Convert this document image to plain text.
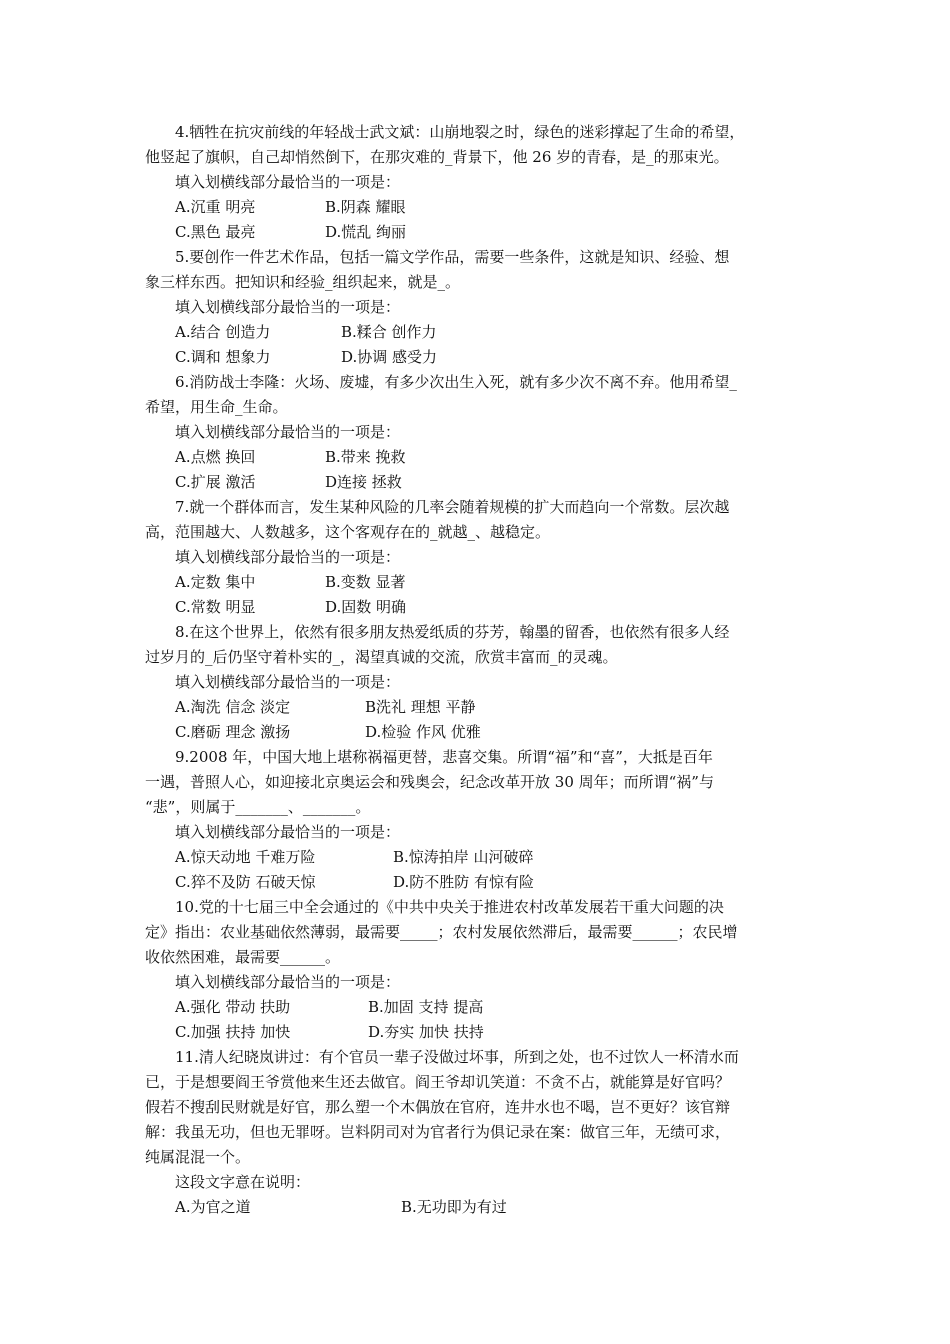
4.牺牲在抗灾前线的年轻战士武文斌：山崩地裂之时，绿色的迷彩撑起了生命的希望，
他竖起了旗帜，自己却悄然倒下，在那灾难的_背景下，他 26 岁的青春，是_的那束光。
填入划横线部分最恰当的一项是：
A.沉重 明亮	B.阴森 耀眼
C.黑色 最亮	D.慌乱 绚丽
5.要创作一件艺术作品，包括一篇文学作品，需要一些条件，这就是知识、经验、想
象三样东西。把知识和经验_组织起来，就是_。
填入划横线部分最恰当的一项是：
A.结合 创造力	B.糅合 创作力
C.调和 想象力	D.协调 感受力
6.消防战士李隆：火场、废墟，有多少次出生入死，就有多少次不离不弃。他用希望_
希望，用生命_生命。
填入划横线部分最恰当的一项是：
A.点燃 换回	B.带来 挽救
C.扩展 激活	D连接 拯救
7.就一个群体而言，发生某种风险的几率会随着规模的扩大而趋向一个常数。层次越
高，范围越大、人数越多，这个客观存在的_就越_、越稳定。
填入划横线部分最恰当的一项是：
A.定数 集中	B.变数 显著
C.常数 明显	D.固数 明确
8.在这个世界上，依然有很多朋友热爱纸质的芬芳，翰墨的留香，也依然有很多人经
过岁月的_后仍坚守着朴实的_，渴望真诚的交流，欣赏丰富而_的灵魂。
填入划横线部分最恰当的一项是：
A.淘洗 信念 淡定	B洗礼 理想 平静
C.磨砺 理念 激扬	D.检验 作风 优雅
9.2008 年，中国大地上堪称祸福更替，悲喜交集。所谓“福”和“喜”，大抵是百年
一遇，普照人心，如迎接北京奥运会和残奥会，纪念改革开放 30 周年；而所谓“祸”与
“悲”，则属于_______、_______。
填入划横线部分最恰当的一项是：
A.惊天动地 千难万险	B.惊涛拍岸 山河破碎
C.猝不及防 石破天惊	D.防不胜防 有惊有险
10.党的十七届三中全会通过的《中共中央关于推进农村改革发展若干重大问题的决
定》指出：农业基础依然薄弱，最需要_____；农村发展依然滞后，最需要______；农民增
收依然困难，最需要______。
填入划横线部分最恰当的一项是：
A.强化 带动 扶助	B.加固 支持 提高
C.加强 扶持 加快	D.夯实 加快 扶持
11.清人纪晓岚讲过：有个官员一辈子没做过坏事，所到之处，也不过饮人一杯清水而
已，于是想要阎王爷赏他来生还去做官。阎王爷却讥笑道：不贪不占，就能算是好官吗？
假若不搜刮民财就是好官，那么塑一个木偶放在官府，连井水也不喝，岂不更好？该官辩
解：我虽无功，但也无罪呀。岂料阴司对为官者行为俱记录在案：做官三年，无绩可求，
纯属混混一个。
这段文字意在说明：
A.为官之道	B.无功即为有过
